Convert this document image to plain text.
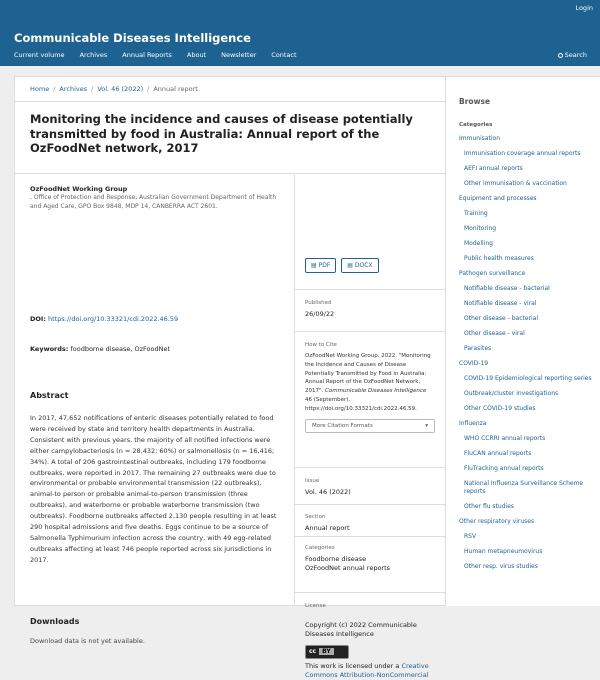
Login
Communicable Diseases Intelligence
Current volume Archives Annual Reports About Newsletter Contact	Search
Home / Archives / Vol. 46 (2022) / Annual report
Monitoring the incidence and causes of disease potentially transmitted by food in Australia: Annual report of the OzFoodNet network, 2017
OzFoodNet Working Group
, Office of Protection and Response, Australian Government Department of Health and Aged Care, GPO Box 9848, MDP 14, CANBERRA ACT 2601.
DOI: https://doi.org/10.33321/cdi.2022.46.59
Keywords: foodborne disease, OzFoodNet
Abstract

In 2017, 47,652 notifications of enteric diseases potentially related to food were received by state and territory health departments in Australia. Consistent with previous years, the majority of all notified infections were either campylobacteriosis (n = 28,432; 60%) or salmonellosis (n = 16,416; 34%). A total of 206 gastrointestinal outbreaks, including 179 foodborne outbreaks, were reported in 2017. The remaining 27 outbreaks were due to environmental or probable environmental transmission (22 outbreaks), animal-to person or probable animal-to-person transmission (three outbreaks), and waterborne or probable waterborne transmission (two outbreaks). Foodborne outbreaks affected 2,130 people resulting in at least 290 hospital admissions and five deaths. Eggs continue to be a source of Salmonella Typhimurium infection across the country, with 49 egg-related outbreaks affecting at least 746 people reported across six jurisdictions in 2017.

Downloads
Download data is not yet available.
▤ PDF	▤ DOCX
Published
26/09/22
How to Cite
OzFoodNet Working Group. 2022. "Monitoring the Incidence and Causes of Disease Potentially Transmitted by Food in Australia: Annual Report of the OzFoodNet Network, 2017". Communicable Diseases Intelligence 46 (September). https://doi.org/10.33321/cdi.2022.46.59.
More Citation Formats	▾
Issue
Vol. 46 (2022)
Section
Annual report
Categories
Foodborne disease
OzFoodNet annual reports
License
Copyright (c) 2022 Communicable Diseases Intelligence
cc BY
This work is licensed under a Creative Commons Attribution-NonCommercial
Browse
Categories
Immunisation
Immunisation coverage annual reports
AEFI annual reports
Other immunisation & vaccination
Equipment and processes
Training
Monitoring
Modelling
Public health measures
Pathogen surveillance
Notifiable disease - bacterial
Notifiable disease - viral
Other disease - bacterial
Other disease - viral
Parasites
COVID-19
COVID-19 Epidemiological reporting series
Outbreak/cluster investigations
Other COVID-19 studies
Influenza
WHO CCRRI annual reports
FluCAN annual reports
FluTracking annual reports
National Influenza Surveillance Scheme reports
Other flu studies
Other respiratory viruses
RSV
Human metapneumovirus
Other resp. virus studies
